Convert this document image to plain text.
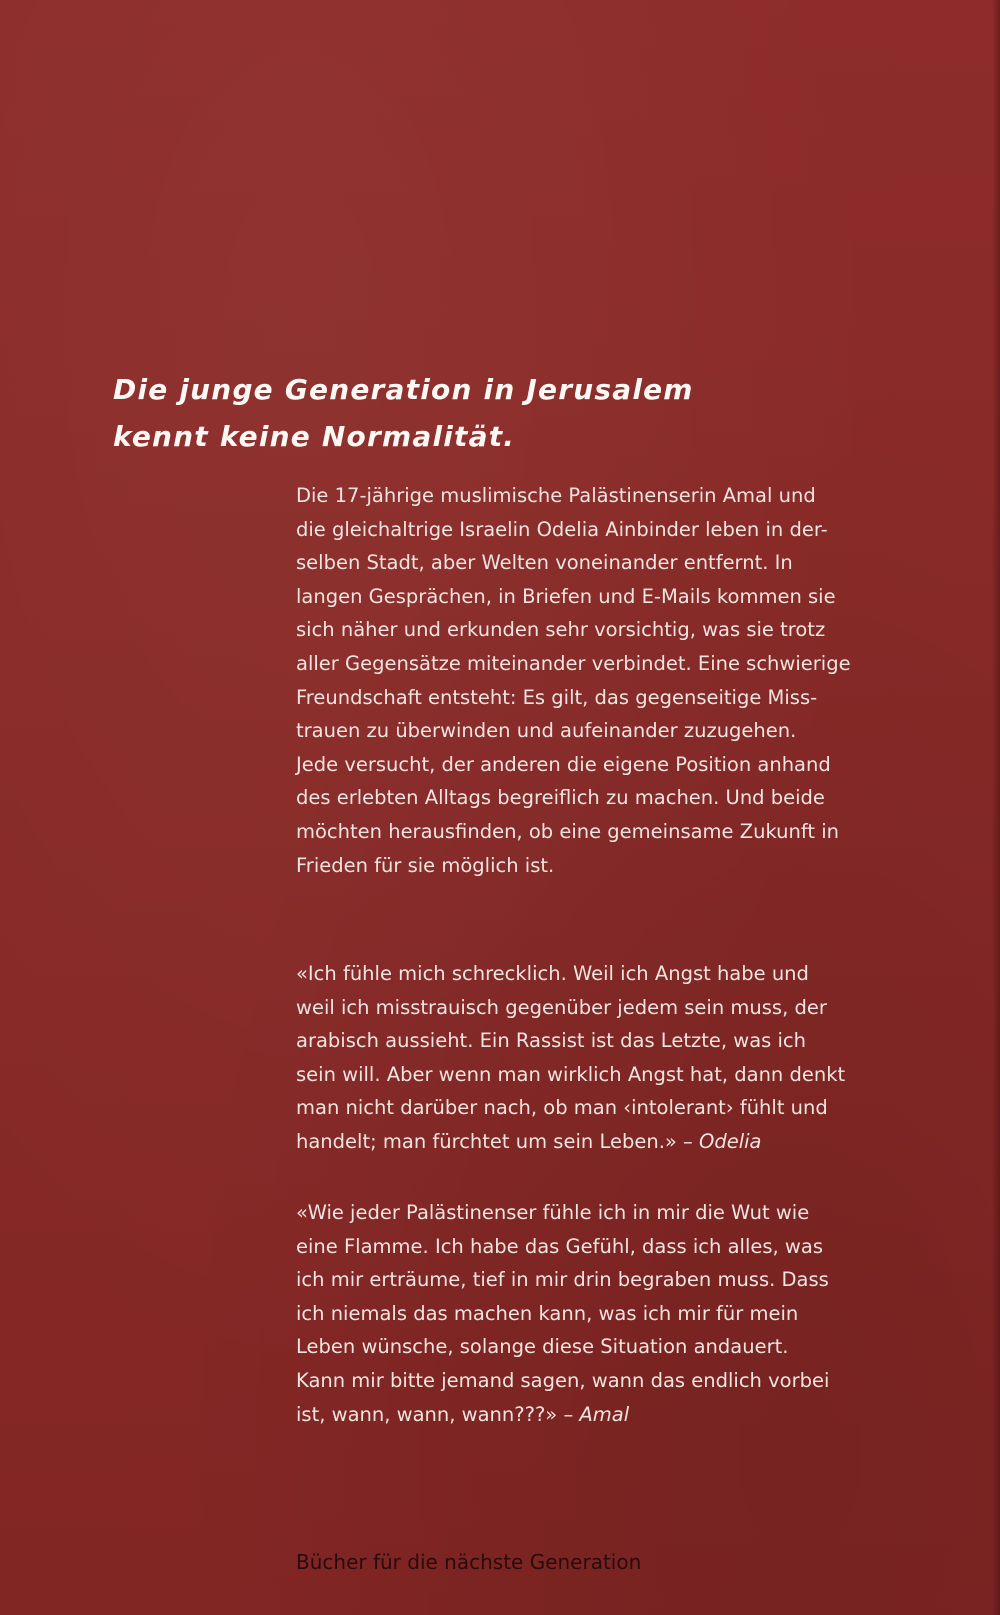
Die junge Generation in Jerusalem
kennt keine Normalität.

Die 17-jährige muslimische Palästinenserin Amal und
die gleichaltrige Israelin Odelia Ainbinder leben in der-
selben Stadt, aber Welten voneinander entfernt. In
langen Gesprächen, in Briefen und E-Mails kommen sie
sich näher und erkunden sehr vorsichtig, was sie trotz
aller Gegensätze miteinander verbindet. Eine schwierige
Freundschaft entsteht: Es gilt, das gegenseitige Miss-
trauen zu überwinden und aufeinander zuzugehen.
Jede versucht, der anderen die eigene Position anhand
des erlebten Alltags begreiflich zu machen. Und beide
möchten herausfinden, ob eine gemeinsame Zukunft in
Frieden für sie möglich ist.

«Ich fühle mich schrecklich. Weil ich Angst habe und
weil ich misstrauisch gegenüber jedem sein muss, der
arabisch aussieht. Ein Rassist ist das Letzte, was ich
sein will. Aber wenn man wirklich Angst hat, dann denkt
man nicht darüber nach, ob man ‹intolerant› fühlt und
handelt; man fürchtet um sein Leben.» – Odelia

«Wie jeder Palästinenser fühle ich in mir die Wut wie
eine Flamme. Ich habe das Gefühl, dass ich alles, was
ich mir erträume, tief in mir drin begraben muss. Dass
ich niemals das machen kann, was ich mir für mein
Leben wünsche, solange diese Situation andauert.
Kann mir bitte jemand sagen, wann das endlich vorbei
ist, wann, wann, wann???» – Amal

Bücher für die nächste Generation
